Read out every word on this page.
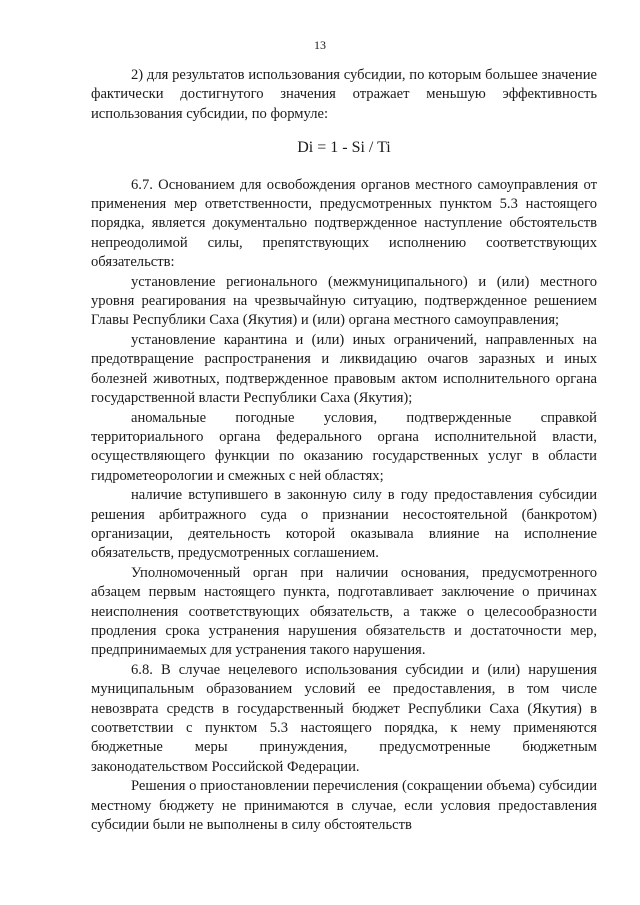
13

2) для результатов использования субсидии, по которым большее значение фактически достигнутого значения отражает меньшую эффективность использования субсидии, по формуле:

Di = 1 - Si / Ti

6.7. Основанием для освобождения органов местного самоуправления от применения мер ответственности, предусмотренных пунктом 5.3 настоящего порядка, является документально подтвержденное наступление обстоятельств непреодолимой силы, препятствующих исполнению соответствующих обязательств:

установление регионального (межмуниципального) и (или) местного уровня реагирования на чрезвычайную ситуацию, подтвержденное решением Главы Республики Саха (Якутия) и (или) органа местного самоуправления;

установление карантина и (или) иных ограничений, направленных на предотвращение распространения и ликвидацию очагов заразных и иных болезней животных, подтвержденное правовым актом исполнительного органа государственной власти Республики Саха (Якутия);

аномальные погодные условия, подтвержденные справкой территориального органа федерального органа исполнительной власти, осуществляющего функции по оказанию государственных услуг в области гидрометеорологии и смежных с ней областях;

наличие вступившего в законную силу в году предоставления субсидии решения арбитражного суда о признании несостоятельной (банкротом) организации, деятельность которой оказывала влияние на исполнение обязательств, предусмотренных соглашением.

Уполномоченный орган при наличии основания, предусмотренного абзацем первым настоящего пункта, подготавливает заключение о причинах неисполнения соответствующих обязательств, а также о целесообразности продления срока устранения нарушения обязательств и достаточности мер, предпринимаемых для устранения такого нарушения.

6.8. В случае нецелевого использования субсидии и (или) нарушения муниципальным образованием условий ее предоставления, в том числе невозврата средств в государственный бюджет Республики Саха (Якутия) в соответствии с пунктом 5.3 настоящего порядка, к нему применяются бюджетные меры принуждения, предусмотренные бюджетным законодательством Российской Федерации.

Решения о приостановлении перечисления (сокращении объема) субсидии местному бюджету не принимаются в случае, если условия предоставления субсидии были не выполнены в силу обстоятельств
